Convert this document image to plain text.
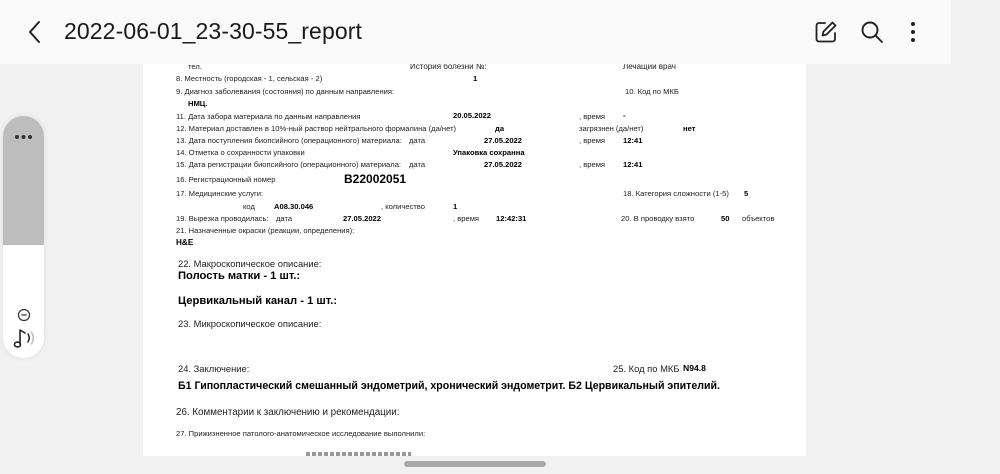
2022-06-01_23-30-55_report
тел.	История болезни №:	Лечащий врач
8. Местность (городская - 1, сельская - 2)	1
9. Диагноз заболевания (состояния) по данным направления:	10. Код по МКБ
НМЦ.
11. Дата забора материала по данным направления	20.05.2022	, время -
12. Материал доставлен в 10%-ный раствор нейтрального формалина (да/нет)	да	загрязнен (да/нет)	нет
13. Дата поступления биопсийного (операционного) материала: дата	27.05.2022	, время 12:41
14. Отметка о сохранности упаковки	Упаковка сохранна
15. Дата регистрации биопсийного (операционного) материала: дата	27.05.2022	, время 12:41
16. Регистрационный номер	B22002051
17. Медицинские услуги:	18. Категория сложности (1-5) 5
код	A08.30.046	, количество	1
19. Вырезка проводилась: дата	27.05.2022	, время 12:42:31	20. В проводку взято	50 объектов
21. Назначенные окраски (реакции, определения):
H&E
22. Макроскопическое описание:
Полость матки - 1 шт.:
Цервикальный канал - 1 шт.:
23. Микроскопическое описание:
24. Заключение:	25. Код по МКБ N94.8
Б1 Гипопластический смешанный эндометрий, хронический эндометрит. Б2 Цервикальный эпителий.
26. Комментарии к заключению и рекомендации:
27. Прижизненное патолого-анатомическое исследование выполнили:
